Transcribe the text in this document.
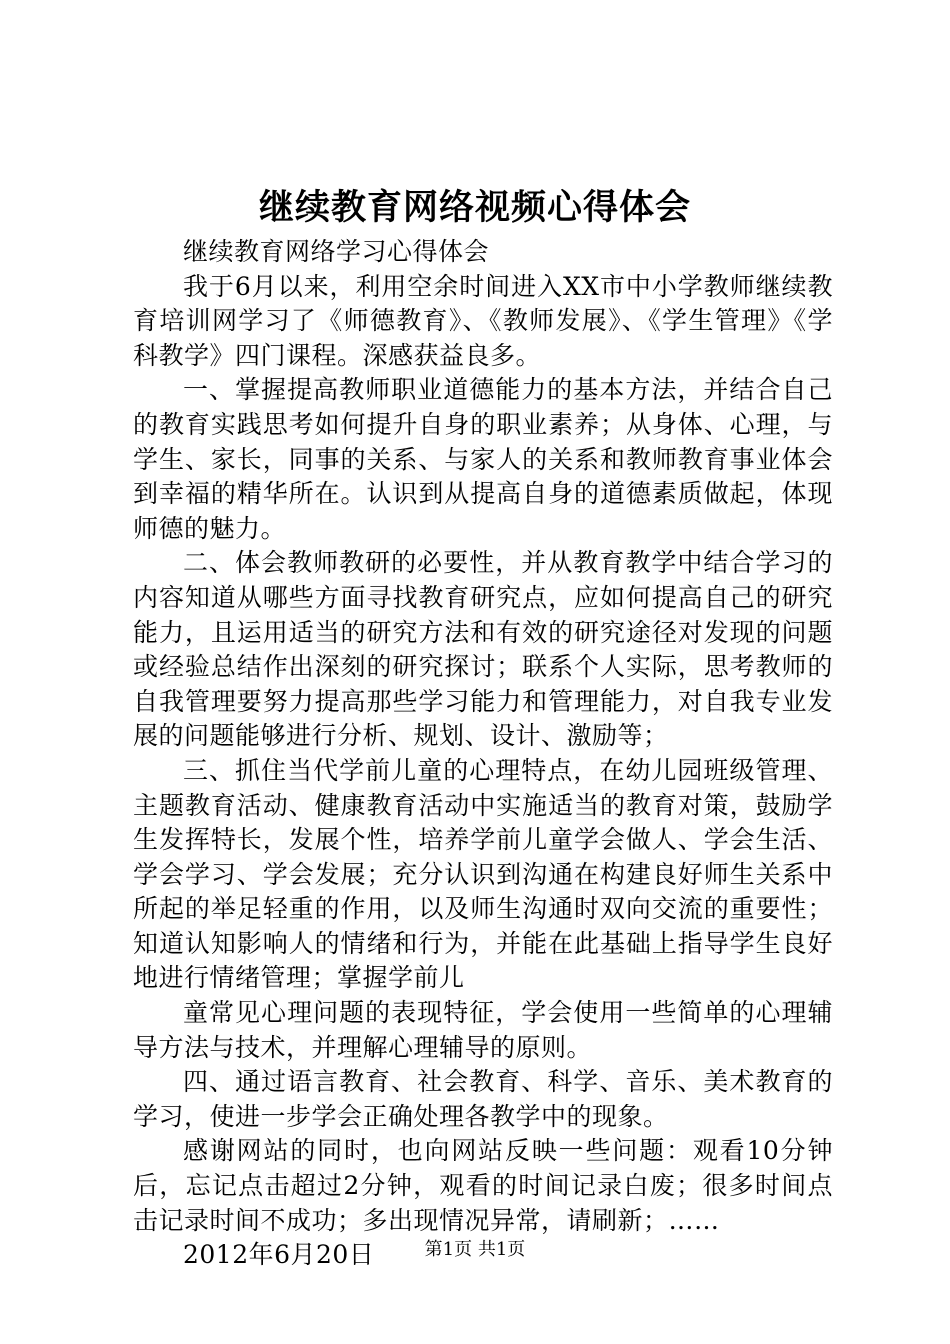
继续教育网络视频心得体会

继续教育网络学习心得体会

我于6月以来，利用空余时间进入XX市中小学教师继续教育培训网学习了《师德教育》、《教师发展》、《学生管理》《学科教学》四门课程。深感获益良多。

一、掌握提高教师职业道德能力的基本方法，并结合自己的教育实践思考如何提升自身的职业素养；从身体、心理，与学生、家长，同事的关系、与家人的关系和教师教育事业体会到幸福的精华所在。认识到从提高自身的道德素质做起，体现师德的魅力。

二、体会教师教研的必要性，并从教育教学中结合学习的内容知道从哪些方面寻找教育研究点，应如何提高自己的研究能力，且运用适当的研究方法和有效的研究途径对发现的问题或经验总结作出深刻的研究探讨；联系个人实际，思考教师的自我管理要努力提高那些学习能力和管理能力，对自我专业发展的问题能够进行分析、规划、设计、激励等；

三、抓住当代学前儿童的心理特点，在幼儿园班级管理、主题教育活动、健康教育活动中实施适当的教育对策，鼓励学生发挥特长，发展个性，培养学前儿童学会做人、学会生活、学会学习、学会发展；充分认识到沟通在构建良好师生关系中所起的举足轻重的作用，以及师生沟通时双向交流的重要性；知道认知影响人的情绪和行为，并能在此基础上指导学生良好地进行情绪管理；掌握学前儿

童常见心理问题的表现特征，学会使用一些简单的心理辅导方法与技术，并理解心理辅导的原则。

四、通过语言教育、社会教育、科学、音乐、美术教育的学习，使进一步学会正确处理各教学中的现象。

感谢网站的同时，也向网站反映一些问题：观看10分钟后，忘记点击超过2分钟，观看的时间记录白废；很多时间点击记录时间不成功；多出现情况异常，请刷新；……

2012年6月20日	第1页 共1页
